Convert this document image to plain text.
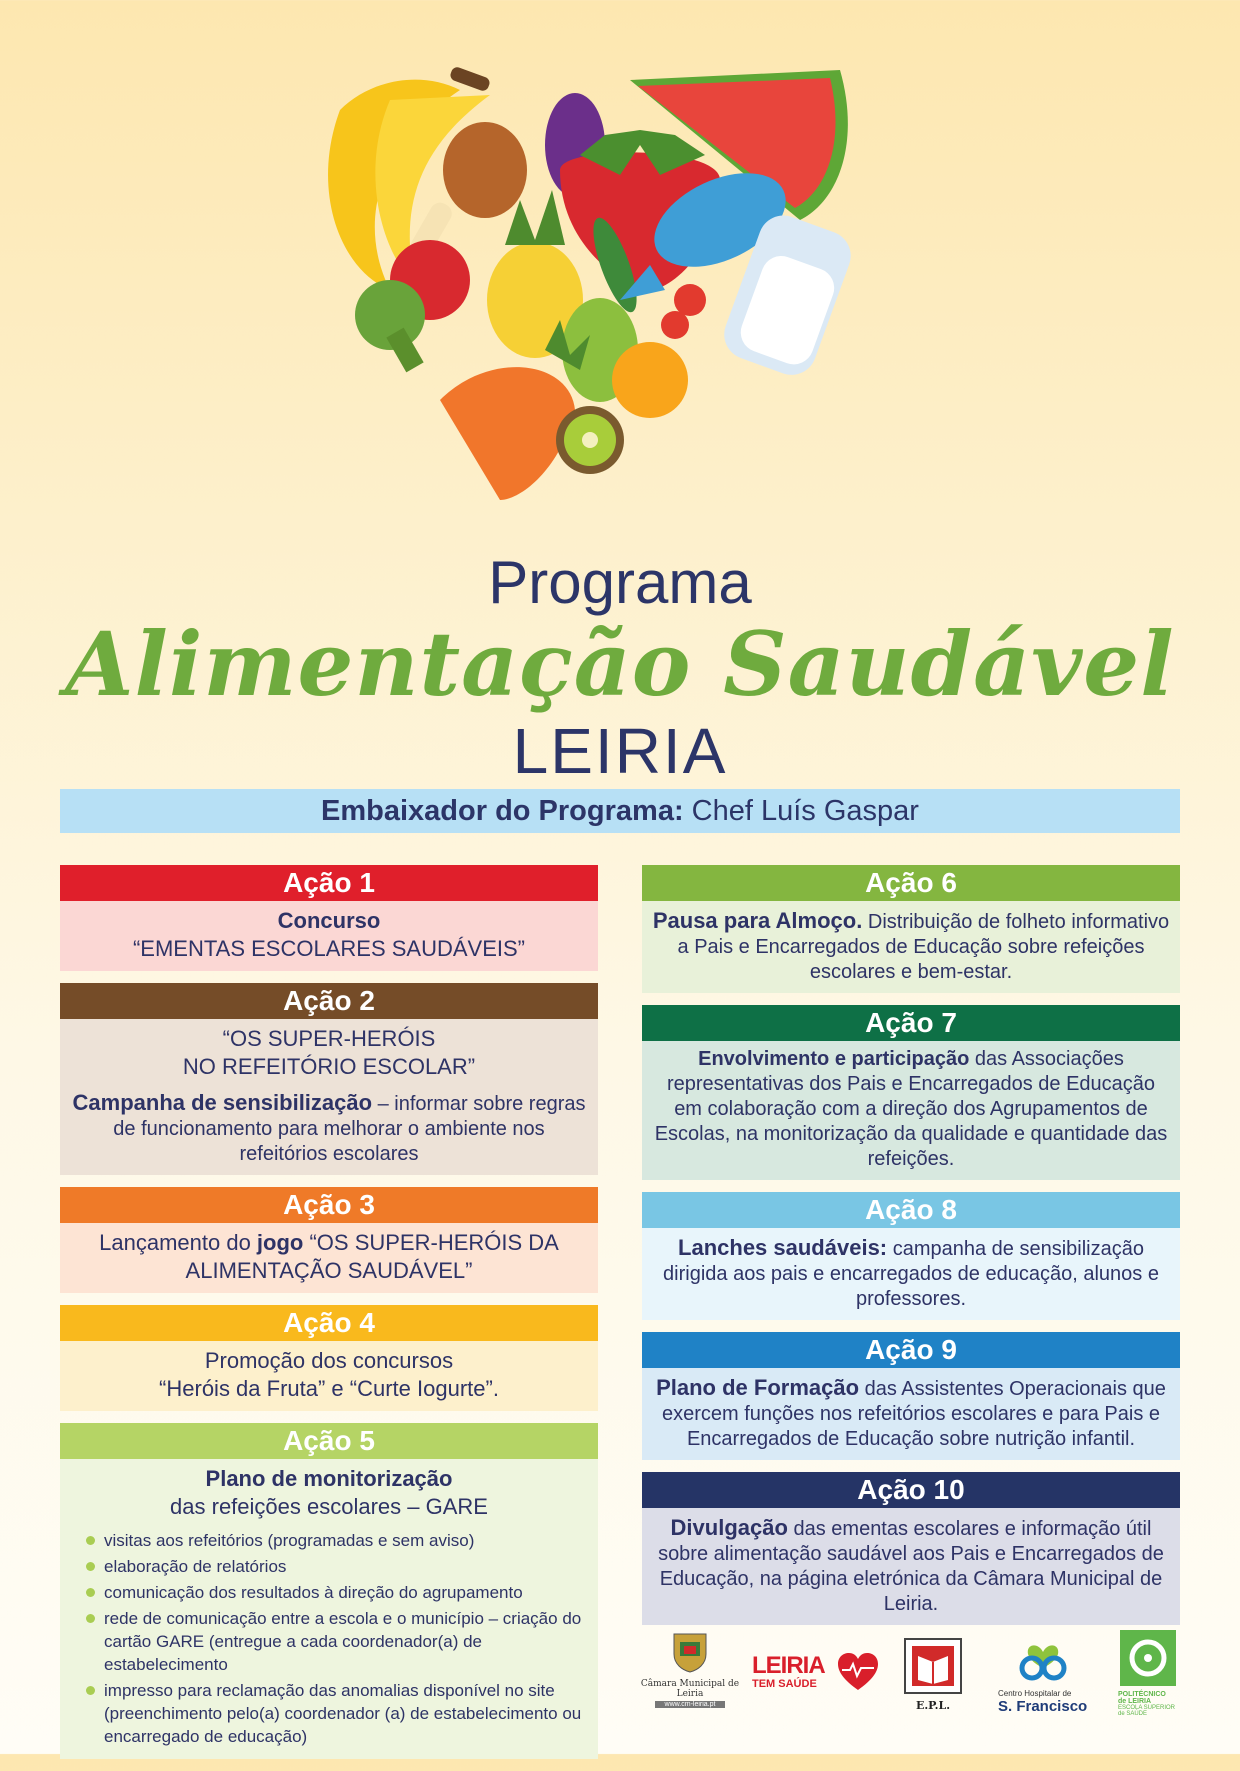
Programa
Alimentação Saudável
LEIRIA
Embaixador do Programa: Chef Luís Gaspar
Ação 1
Concurso
“EMENTAS ESCOLARES SAUDÁVEIS”
Ação 2
“OS SUPER-HERÓIS
NO REFEITÓRIO ESCOLAR”
Campanha de sensibilização – informar sobre regras de funcionamento para melhorar o ambiente nos refeitórios escolares
Ação 3
Lançamento do jogo “OS SUPER-HERÓIS DA ALIMENTAÇÃO SAUDÁVEL”
Ação 4
Promoção dos concursos
“Heróis da Fruta” e “Curte Iogurte”.
Ação 5
Plano de monitorização
das refeições escolares – GARE
visitas aos refeitórios (programadas e sem aviso)
elaboração de relatórios
comunicação dos resultados à direção do agrupamento
rede de comunicação entre a escola e o município – criação do cartão GARE (entregue a cada coordenador(a) de estabelecimento
impresso para reclamação das anomalias disponível no site (preenchimento pelo(a) coordenador (a) de estabelecimento ou encarregado de educação)
Ação 6
Pausa para Almoço. Distribuição de folheto informativo a Pais e Encarregados de Educação sobre refeições escolares e bem-estar.
Ação 7
Envolvimento e participação das Associações representativas dos Pais e Encarregados de Educação em colaboração com a direção dos Agrupamentos de Escolas, na monitorização da qualidade e quantidade das refeições.
Ação 8
Lanches saudáveis: campanha de sensibilização dirigida aos pais e encarregados de educação, alunos e professores.
Ação 9
Plano de Formação das Assistentes Operacionais que exercem funções nos refeitórios escolares e para Pais e Encarregados de Educação sobre nutrição infantil.
Ação 10
Divulgação das ementas escolares e informação útil sobre alimentação saudável aos Pais e Encarregados de Educação, na página eletrónica da Câmara Municipal de Leiria.
Câmara Municipal de Leiria
www.cm-leiria.pt
LEIRIA
TEM SAÚDE
E.P.L.
Centro Hospitalar de
S. Francisco
POLITÉCNICO
de LEIRIA
ESCOLA SUPERIOR
de SAÚDE
